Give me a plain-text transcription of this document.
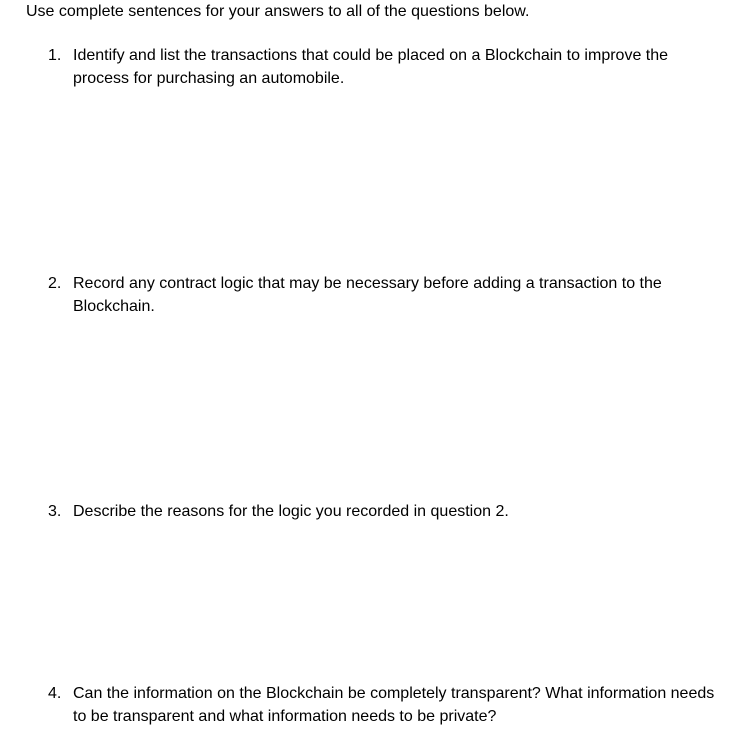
Use complete sentences for your answers to all of the questions below.
1. Identify and list the transactions that could be placed on a Blockchain to improve the process for purchasing an automobile.
2. Record any contract logic that may be necessary before adding a transaction to the Blockchain.
3. Describe the reasons for the logic you recorded in question 2.
4. Can the information on the Blockchain be completely transparent? What information needs to be transparent and what information needs to be private?
